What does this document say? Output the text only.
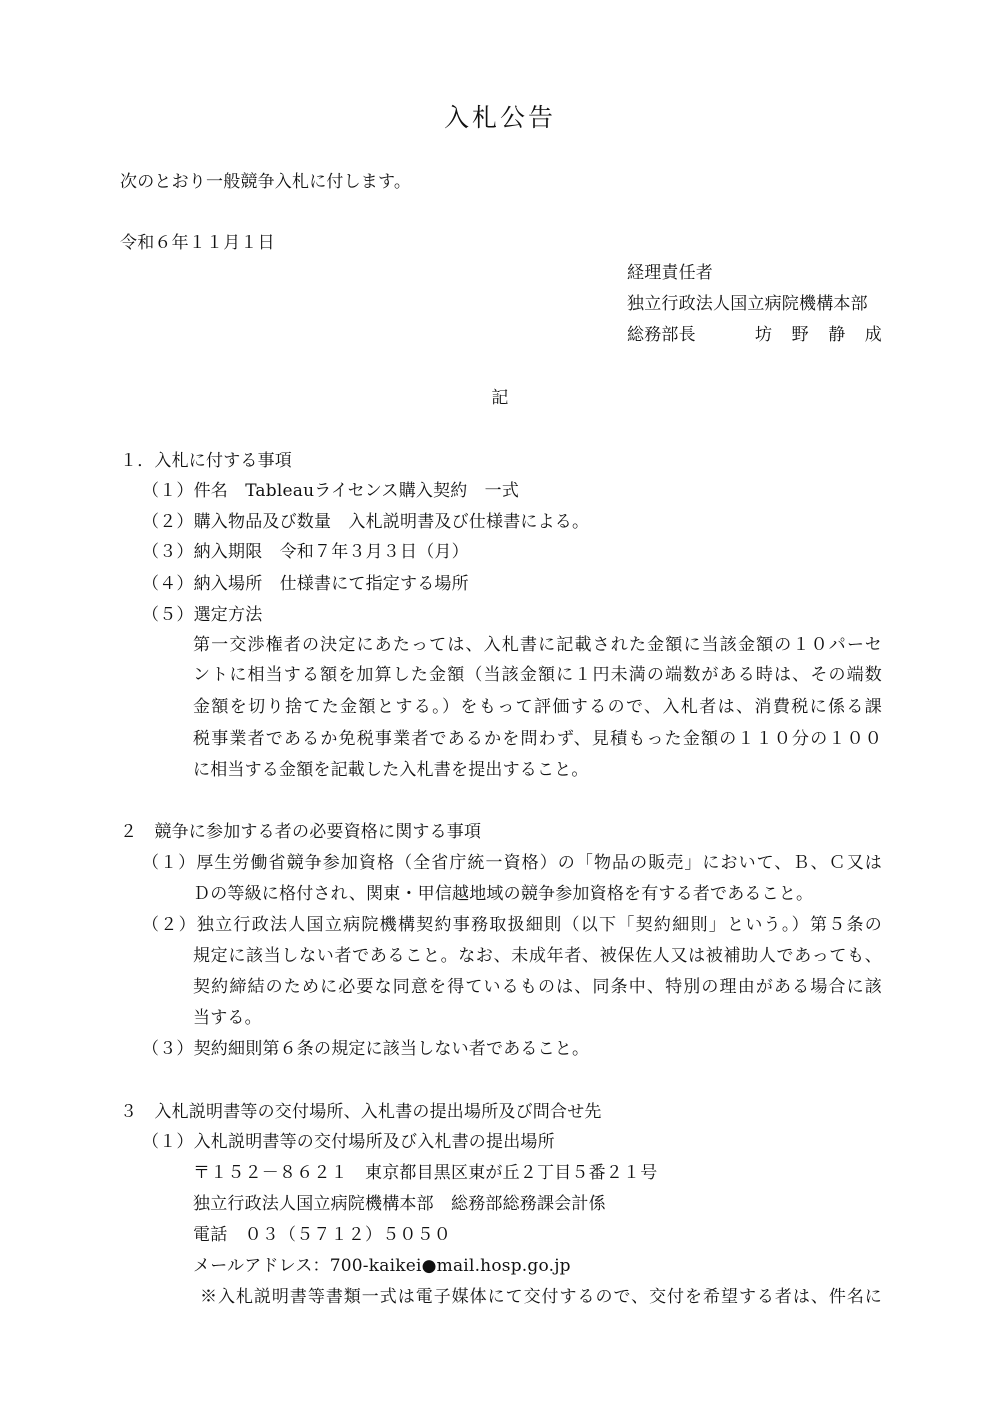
入札公告
次のとおり一般競争入札に付します。
令和６年１１月１日
経理責任者
独立行政法人国立病院機構本部
総務部長	坊 野 静 成
記
１．入札に付する事項
（１）件名　Tableauライセンス購入契約　一式
（２）購入物品及び数量　入札説明書及び仕様書による。
（３）納入期限　令和７年３月３日（月）
（４）納入場所　仕様書にて指定する場所
（５）選定方法
第一交渉権者の決定にあたっては、入札書に記載された金額に当該金額の１０パーセ
ントに相当する額を加算した金額（当該金額に１円未満の端数がある時は、その端数
金額を切り捨てた金額とする。）をもって評価するので、入札者は、消費税に係る課
税事業者であるか免税事業者であるかを問わず、見積もった金額の１１０分の１００
に相当する金額を記載した入札書を提出すること。
２　競争に参加する者の必要資格に関する事項
（１）厚生労働省競争参加資格（全省庁統一資格）の「物品の販売」において、Ｂ、Ｃ又は
Ｄの等級に格付され、関東・甲信越地域の競争参加資格を有する者であること。
（２）独立行政法人国立病院機構契約事務取扱細則（以下「契約細則」という。）第５条の
規定に該当しない者であること。なお、未成年者、被保佐人又は被補助人であっても、
契約締結のために必要な同意を得ているものは、同条中、特別の理由がある場合に該
当する。
（３）契約細則第６条の規定に該当しない者であること。
３　入札説明書等の交付場所、入札書の提出場所及び問合せ先
（１）入札説明書等の交付場所及び入札書の提出場所
〒１５２－８６２１　東京都目黒区東が丘２丁目５番２１号
独立行政法人国立病院機構本部　総務部総務課会計係
電話　０３（５７１２）５０５０
メールアドレス：700-kaikei●mail.hosp.go.jp
※入札説明書等書類一式は電子媒体にて交付するので、交付を希望する者は、件名に
